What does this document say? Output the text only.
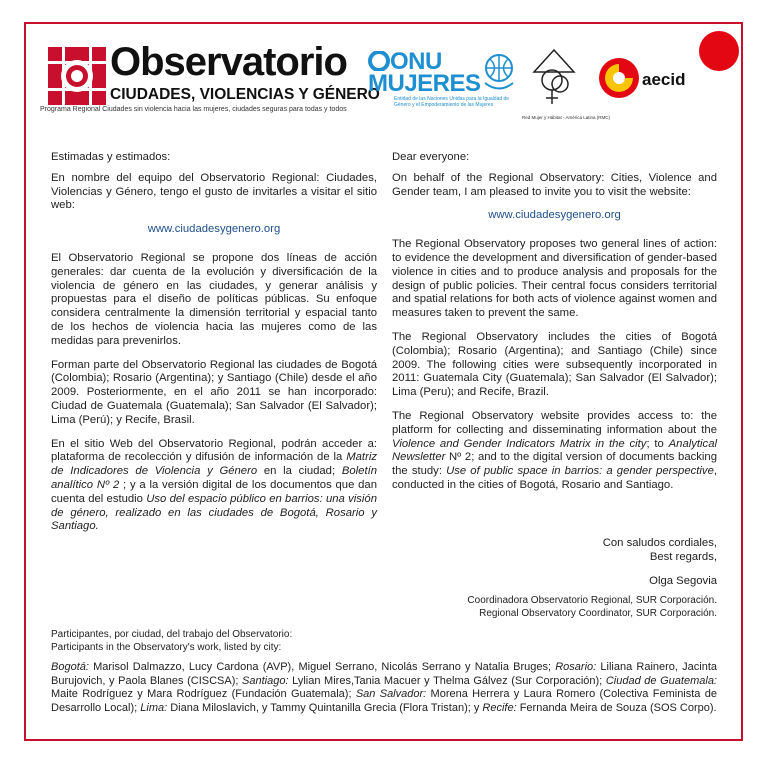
Observatorio
CIUDADES, VIOLENCIAS Y GÉNERO
Programa Regional Ciudades sin violencia hacia las mujeres, ciudades seguras para todas y todos
ONU
MUJERES
Entidad de las Naciones Unidas para la Igualdad de Género y el Empoderamiento de las Mujeres
Red Mujer y Hábitat - América Latina (RMC)
aecid

Estimadas y estimados:

En nombre del equipo del Observatorio Regional: Ciudades, Violencias y Género, tengo el gusto de invitarles a visitar el sitio web:

www.ciudadesygenero.org

El Observatorio Regional se propone dos líneas de acción generales: dar cuenta de la evolución y diversificación de la violencia de género en las ciudades, y generar análisis y propuestas para el diseño de políticas públicas. Su enfoque considera centralmente la dimensión territorial y espacial tanto de los hechos de violencia hacia las mujeres como de las medidas para prevenirlos.

Forman parte del Observatorio Regional las ciudades de Bogotá (Colombia); Rosario (Argentina); y Santiago (Chile) desde el año 2009. Posteriormente, en el año 2011 se han incorporado: Ciudad de Guatemala (Guatemala); San Salvador (El Salvador); Lima (Perú); y Recife, Brasil.

En el sitio Web del Observatorio Regional, podrán acceder a: plataforma de recolección y difusión de información de la Matriz de Indicadores de Violencia y Género en la ciudad; Boletín analítico Nº 2 ; y a la versión digital de los documentos que dan cuenta del estudio Uso del espacio público en barrios: una visión de género, realizado en las ciudades de Bogotá, Rosario y Santiago.

Dear everyone:

On behalf of the Regional Observatory: Cities, Violence and Gender team, I am pleased to invite you to visit the website:

www.ciudadesygenero.org

The Regional Observatory proposes two general lines of action: to evidence the development and diversification of gender-based violence in cities and to produce analysis and proposals for the design of public policies. Their central focus considers territorial and spatial relations for both acts of violence against women and measures taken to prevent the same.

The Regional Observatory includes the cities of Bogotá (Colombia); Rosario (Argentina); and Santiago (Chile) since 2009. The following cities were subsequently incorporated in 2011: Guatemala City (Guatemala); San Salvador (El Salvador); Lima (Peru); and Recife, Brazil.

The Regional Observatory website provides access to: the platform for collecting and disseminating information about the Violence and Gender Indicators Matrix in the city; to Analytical Newsletter Nº 2; and to the digital version of documents backing the study: Use of public space in barrios: a gender perspective, conducted in the cities of Bogotá, Rosario and Santiago.

Con saludos cordiales,
Best regards,
Olga Segovia
Coordinadora Observatorio Regional, SUR Corporación.
Regional Observatory Coordinator, SUR Corporación.
Participantes, por ciudad, del trabajo del Observatorio:
Participants in the Observatory's work, listed by city:
Bogotá: Marisol Dalmazzo, Lucy Cardona (AVP), Miguel Serrano, Nicolás Serrano y Natalia Bruges; Rosario: Liliana Rainero, Jacinta Burujovich, y Paola Blanes (CISCSA); Santiago: Lylian Mires,Tania Macuer y Thelma Gálvez (Sur Corporación); Ciudad de Guatemala: Maite Rodríguez y Mara Rodríguez (Fundación Guatemala); San Salvador: Morena Herrera y Laura Romero (Colectiva Feminista de Desarrollo Local); Lima: Diana Miloslavich, y Tammy Quintanilla Grecia (Flora Tristan); y Recife: Fernanda Meira de Souza (SOS Corpo).
